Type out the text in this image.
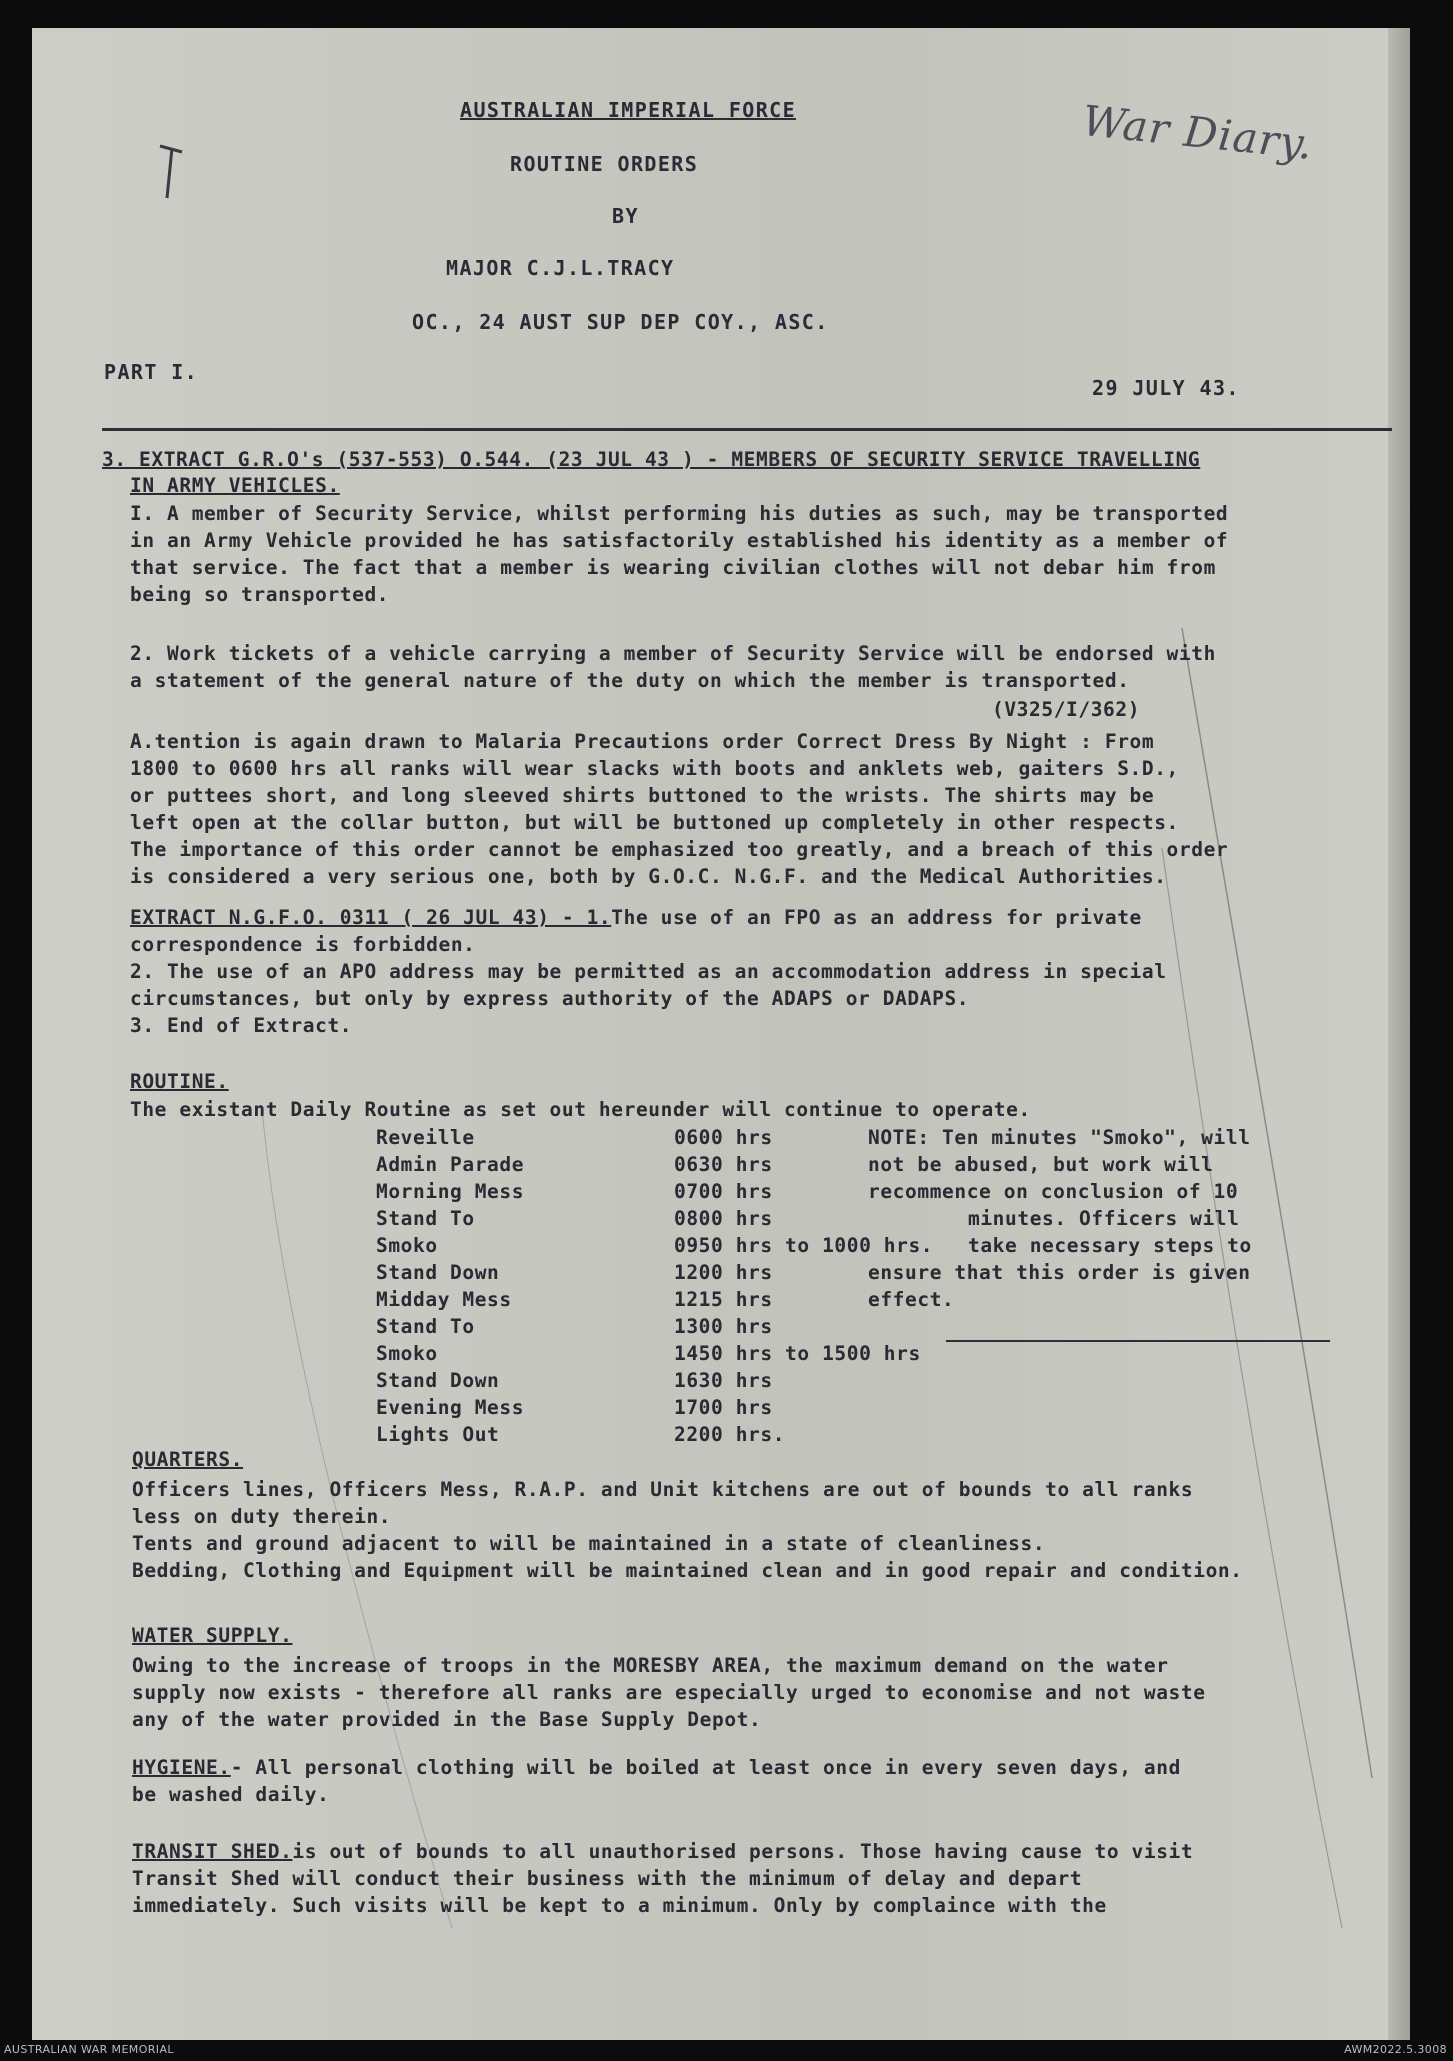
AUSTRALIAN IMPERIAL FORCE
ROUTINE ORDERS
BY
MAJOR C.J.L.TRACY
OC., 24 AUST SUP DEP COY., ASC.
PART I.
29 JULY 43.
War Diary.
3. EXTRACT G.R.O's (537-553) O.544. (23 JUL 43 ) - MEMBERS OF SECURITY SERVICE TRAVELLING
IN ARMY VEHICLES.
I. A member of Security Service, whilst performing his duties as such, may be transported
in an Army Vehicle provided he has satisfactorily established his identity as a member of
that service. The fact that a member is wearing civilian clothes will not debar him from
being so transported.
2. Work tickets of a vehicle carrying a member of Security Service will be endorsed with
a statement of the general nature of the duty on which the member is transported.
(V325/I/362)
A.tention is again drawn to Malaria Precautions order Correct Dress By Night : From
1800 to 0600 hrs all ranks will wear slacks with boots and anklets web, gaiters S.D.,
or puttees short, and long sleeved shirts buttoned to the wrists. The shirts may be
left open at the collar button, but will be buttoned up completely in other respects.
The importance of this order cannot be emphasized too greatly, and a breach of this order
is considered a very serious one, both by G.O.C. N.G.F. and the Medical Authorities.
EXTRACT N.G.F.O. 0311 ( 26 JUL 43) - 1. The use of an FPO as an address for private
correspondence is forbidden.
2. The use of an APO address may be permitted as an accommodation address in special
circumstances, but only by express authority of the ADAPS or DADAPS.
3. End of Extract.
ROUTINE.
The existant Daily Routine as set out hereunder will continue to operate.
Reveille	0600 hrs
Admin Parade	0630 hrs
Morning Mess	0700 hrs
Stand To	0800 hrs
Smoko	0950 hrs to 1000 hrs.
Stand Down	1200 hrs
Midday Mess	1215 hrs
Stand To	1300 hrs
Smoko	1450 hrs to 1500 hrs
Stand Down	1630 hrs
Evening Mess	1700 hrs
Lights Out	2200 hrs.
NOTE: Ten minutes "Smoko", will
not be abused, but work will
recommence on conclusion of 10
minutes. Officers will
take necessary steps to
ensure that this order is given
effect.
QUARTERS.
Officers lines, Officers Mess, R.A.P. and Unit kitchens are out of bounds to all ranks
less on duty therein.
Tents and ground adjacent to will be maintained in a state of cleanliness.
Bedding, Clothing and Equipment will be maintained clean and in good repair and condition.
WATER SUPPLY.
Owing to the increase of troops in the MORESBY AREA, the maximum demand on the water
supply now exists - therefore all ranks are especially urged to economise and not waste
any of the water provided in the Base Supply Depot.
HYGIENE. - All personal clothing will be boiled at least once in every seven days, and
be washed daily.
TRANSIT SHED. is out of bounds to all unauthorised persons. Those having cause to visit
Transit Shed will conduct their business with the minimum of delay and depart
immediately. Such visits will be kept to a minimum. Only by complaince with the
AUSTRALIAN WAR MEMORIAL	AWM2022.5.3008
